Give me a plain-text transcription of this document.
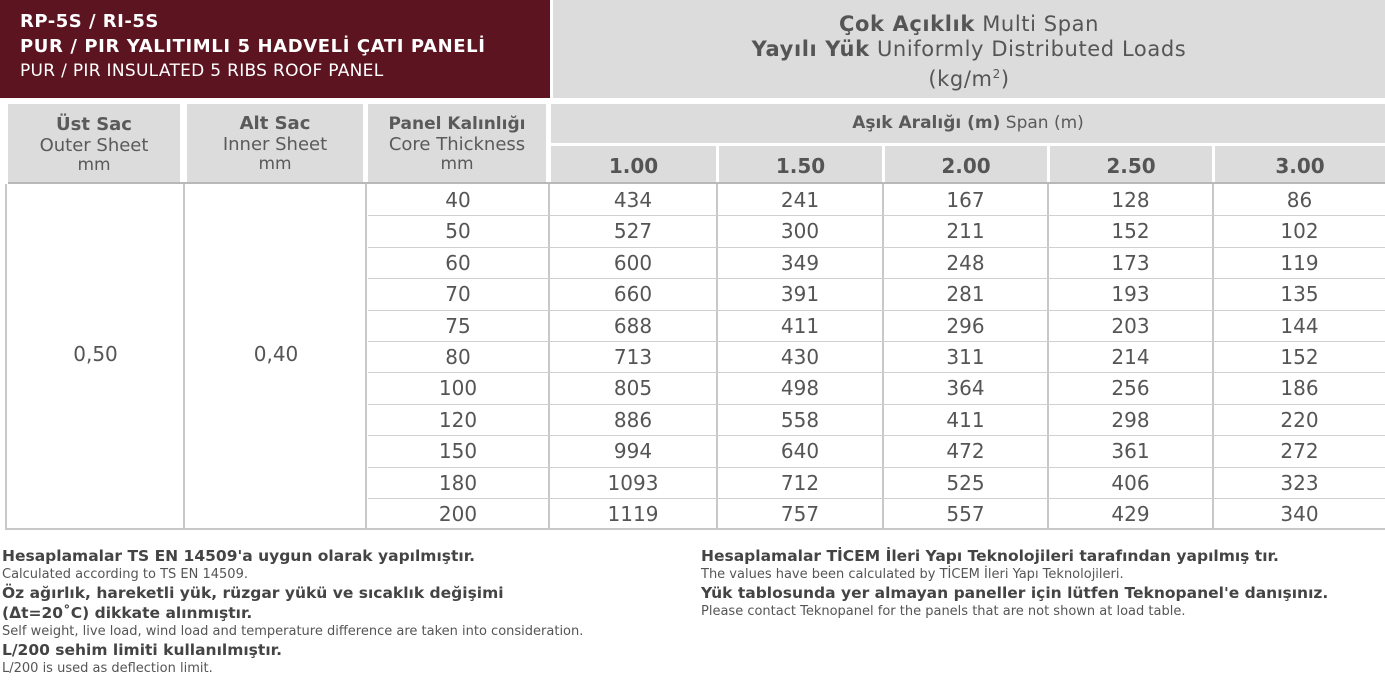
RP-5S / RI-5S
PUR / PIR YALITIMLI 5 HADVELİ ÇATI PANELİ
PUR / PIR INSULATED 5 RIBS ROOF PANEL
Çok Açıklık Multi Span
Yayılı Yük Uniformly Distributed Loads
$(kg/m^2)$
Üst Sac
Outer Sheet
mm
Alt Sac
Inner Sheet
mm
Panel Kalınlığı
Core Thickness
mm
Aşık Aralığı (m) Span (m)
1.00	1.50	2.00	2.50	3.00
0,50	0,40
40	434	241	167	128	86
50	527	300	211	152	102
60	600	349	248	173	119
70	660	391	281	193	135
75	688	411	296	203	144
80	713	430	311	214	152
100	805	498	364	256	186
120	886	558	411	298	220
150	994	640	472	361	272
180	1093	712	525	406	323
200	1119	757	557	429	340
Hesaplamalar TS EN 14509'a uygun olarak yapılmıştır.
Calculated according to TS EN 14509.
Öz ağırlık, hareketli yük, rüzgar yükü ve sıcaklık değişimi
(Δt=20˚C) dikkate alınmıştır.
Self weight, live load, wind load and temperature difference are taken into consideration.
L/200 sehim limiti kullanılmıştır.
L/200 is used as deflection limit.
Hesaplamalar TİCEM İleri Yapı Teknolojileri tarafından yapılmış tır.
The values have been calculated by TİCEM İleri Yapı Teknolojileri.
Yük tablosunda yer almayan paneller için lütfen Teknopanel'e danışınız.
Please contact Teknopanel for the panels that are not shown at load table.
